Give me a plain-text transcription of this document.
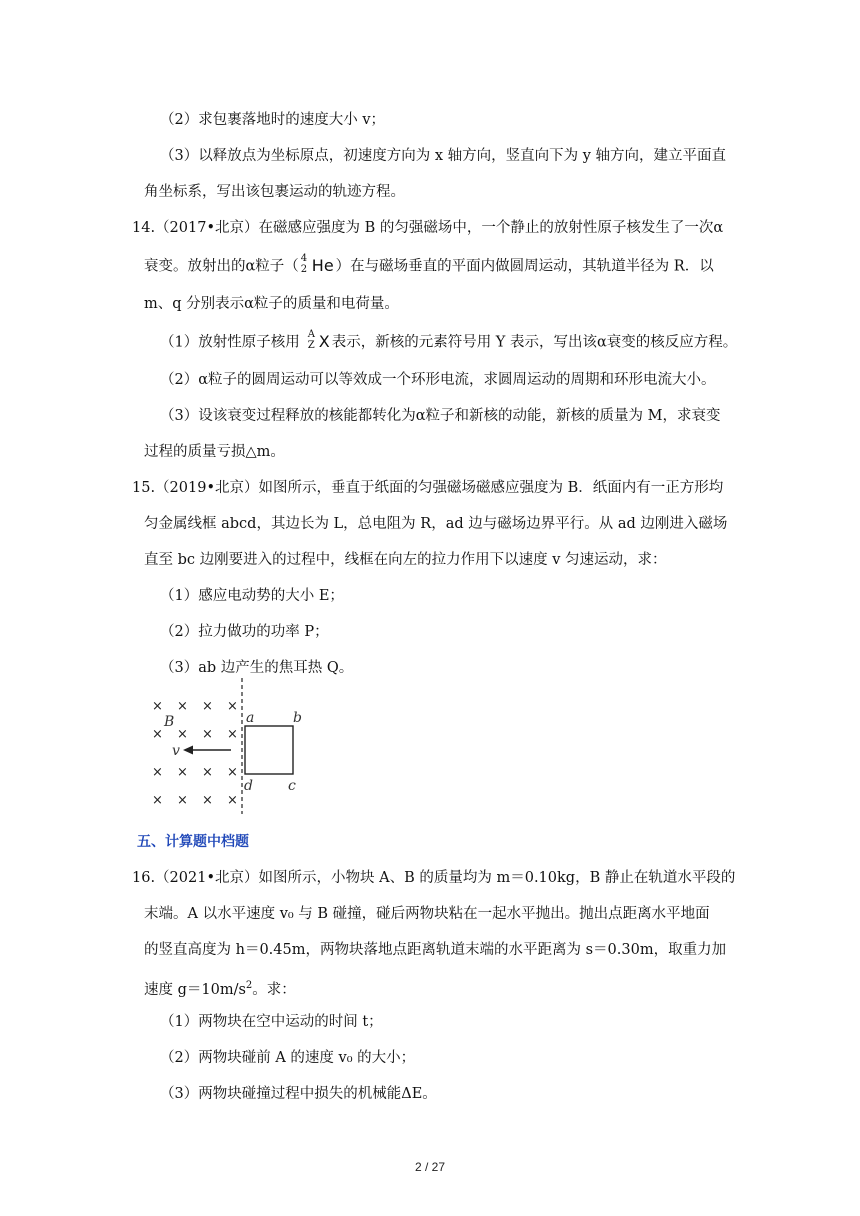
（2）求包裹落地时的速度大小 v；
（3）以释放点为坐标原点，初速度方向为 x 轴方向，竖直向下为 y 轴方向，建立平面直
角坐标系，写出该包裹运动的轨迹方程。
14.（2017•北京）在磁感应强度为 B 的匀强磁场中，一个静止的放射性原子核发生了一次α
衰变。放射出的α粒子（ 4
2 He ）在与磁场垂直的平面内做圆周运动，其轨道半径为 R．以
m、q 分别表示α粒子的质量和电荷量。
（1）放射性原子核用 A
Z X 表示，新核的元素符号用 Y 表示，写出该α衰变的核反应方程。
（2）α粒子的圆周运动可以等效成一个环形电流，求圆周运动的周期和环形电流大小。
（3）设该衰变过程释放的核能都转化为α粒子和新核的动能，新核的质量为 M，求衰变
过程的质量亏损△m。
15.（2019•北京）如图所示，垂直于纸面的匀强磁场磁感应强度为 B．纸面内有一正方形均
匀金属线框 abcd，其边长为 L，总电阻为 R，ad 边与磁场边界平行。从 ad 边刚进入磁场
直至 bc 边刚要进入的过程中，线框在向左的拉力作用下以速度 v 匀速运动，求：
（1）感应电动势的大小 E；
（2）拉力做功的功率 P；
（3）ab 边产生的焦耳热 Q。
× × × ×
× × × ×
× × × ×
× × × ×
B
v
a	b
c
d
五、计算题中档题
16.（2021•北京）如图所示，小物块 A、B 的质量均为 m＝0.10kg，B 静止在轨道水平段的
末端。A 以水平速度 v₀ 与 B 碰撞，碰后两物块粘在一起水平抛出。抛出点距离水平地面
的竖直高度为 h＝0.45m，两物块落地点距离轨道末端的水平距离为 s＝0.30m，取重力加
速度 $g=10m/s^2$。求：
（1）两物块在空中运动的时间 t；
（2）两物块碰前 A 的速度 v₀ 的大小；
（3）两物块碰撞过程中损失的机械能ΔE。
2 / 27
